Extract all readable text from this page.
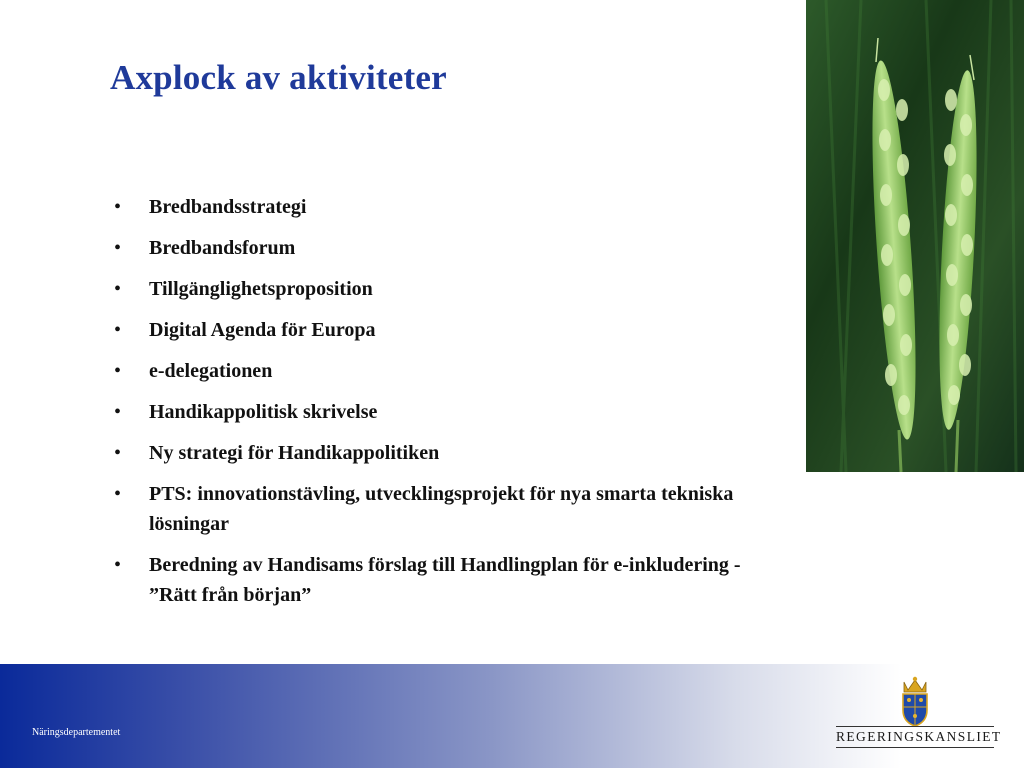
Axplock av aktiviteter
• Bredbandsstrategi
• Bredbandsforum
• Tillgänglighetsproposition
• Digital Agenda för Europa
• e-delegationen
• Handikappolitisk skrivelse
• Ny strategi för Handikappolitiken
• PTS: innovationstävling, utvecklingsprojekt för nya smarta tekniska lösningar
• Beredning av Handisams förslag till Handlingplan för e-inkludering - ”Rätt från början”
Näringsdepartementet	REGERINGSKANSLIET
